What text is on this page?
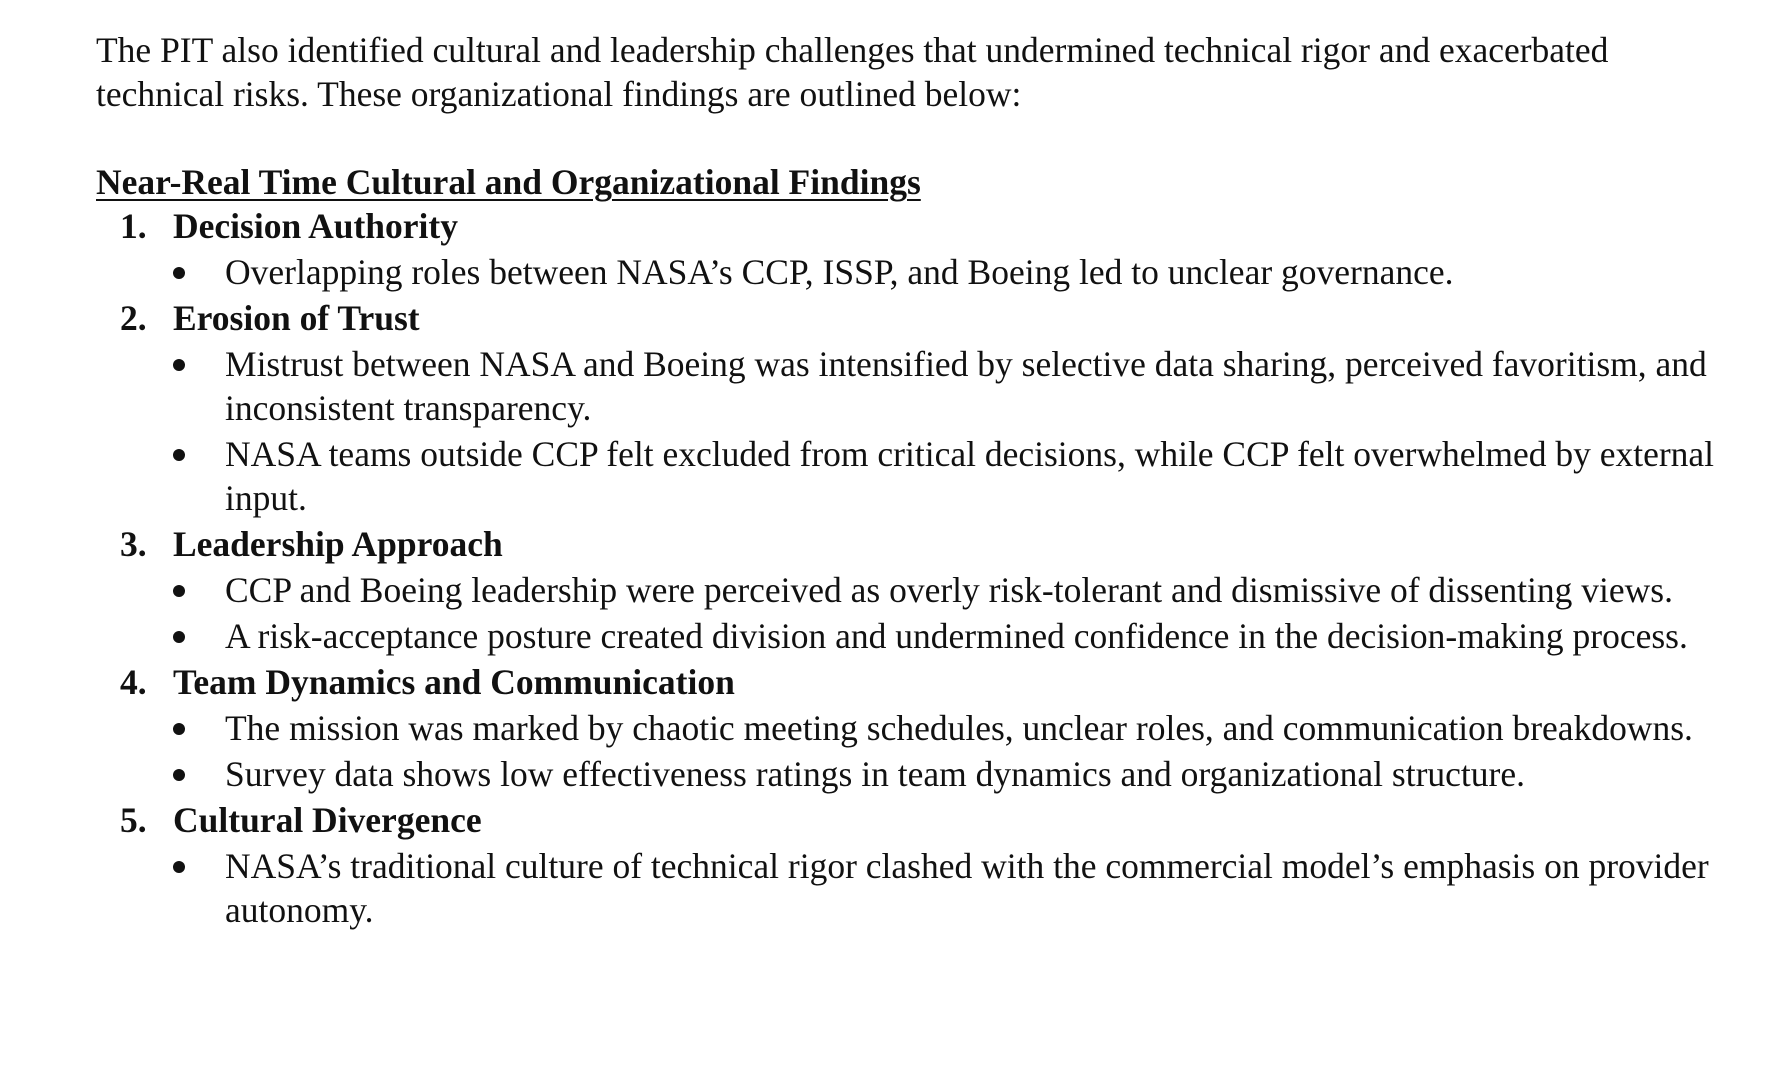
The PIT also identified cultural and leadership challenges that undermined technical rigor and exacerbated technical risks. These organizational findings are outlined below:

Near-Real Time Cultural and Organizational Findings
1. Decision Authority
Overlapping roles between NASA’s CCP, ISSP, and Boeing led to unclear governance.
2. Erosion of Trust
Mistrust between NASA and Boeing was intensified by selective data sharing, perceived favoritism, and inconsistent transparency.
NASA teams outside CCP felt excluded from critical decisions, while CCP felt overwhelmed by external input.
3. Leadership Approach
CCP and Boeing leadership were perceived as overly risk-tolerant and dismissive of dissenting views.
A risk-acceptance posture created division and undermined confidence in the decision-making process.
4. Team Dynamics and Communication
The mission was marked by chaotic meeting schedules, unclear roles, and communication breakdowns.
Survey data shows low effectiveness ratings in team dynamics and organizational structure.
5. Cultural Divergence
NASA’s traditional culture of technical rigor clashed with the commercial model’s emphasis on provider autonomy.
